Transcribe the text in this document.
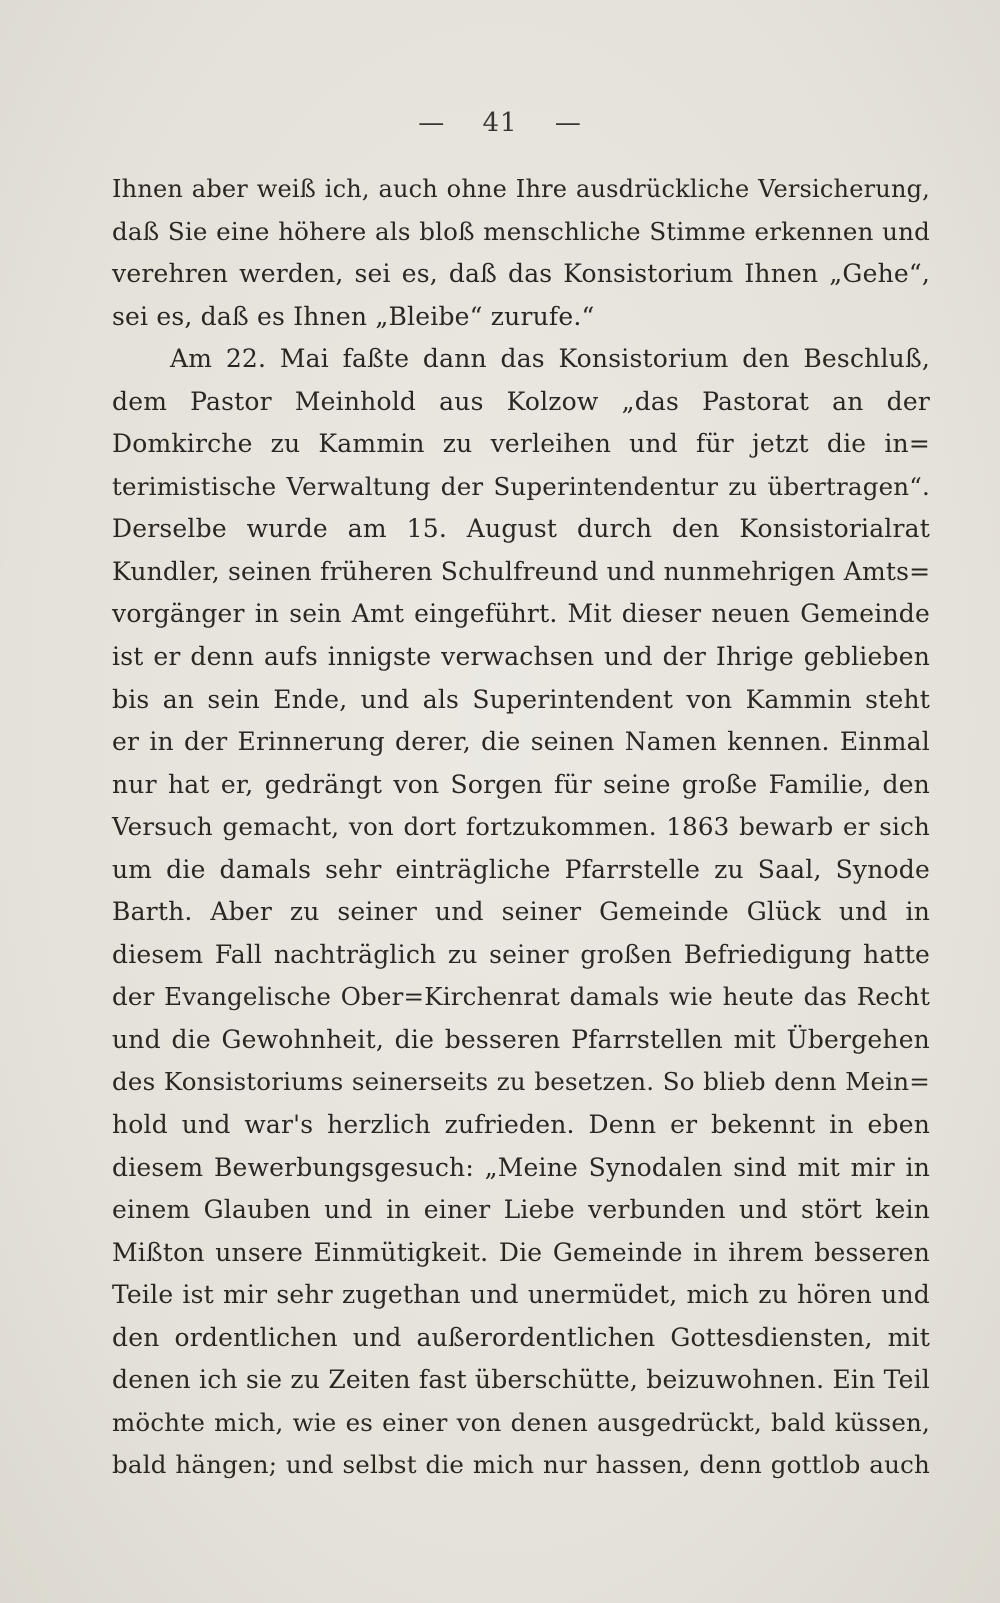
— 41 —
Ihnen aber weiß ich, auch ohne Ihre ausdrückliche Versicherung,
daß Sie eine höhere als bloß menschliche Stimme erkennen und
verehren werden, sei es, daß das Konsistorium Ihnen „Gehe“,
sei es, daß es Ihnen „Bleibe“ zurufe.“
Am 22. Mai faßte dann das Konsistorium den Beschluß,
dem Pastor Meinhold aus Kolzow „das Pastorat an der
Domkirche zu Kammin zu verleihen und für jetzt die in=
terimistische Verwaltung der Superintendentur zu übertragen“.
Derselbe wurde am 15. August durch den Konsistorialrat
Kundler, seinen früheren Schulfreund und nunmehrigen Amts=
vorgänger in sein Amt eingeführt. Mit dieser neuen Gemeinde
ist er denn aufs innigste verwachsen und der Ihrige geblieben
bis an sein Ende, und als Superintendent von Kammin steht
er in der Erinnerung derer, die seinen Namen kennen. Einmal
nur hat er, gedrängt von Sorgen für seine große Familie, den
Versuch gemacht, von dort fortzukommen. 1863 bewarb er sich
um die damals sehr einträgliche Pfarrstelle zu Saal, Synode
Barth. Aber zu seiner und seiner Gemeinde Glück und in
diesem Fall nachträglich zu seiner großen Befriedigung hatte
der Evangelische Ober=Kirchenrat damals wie heute das Recht
und die Gewohnheit, die besseren Pfarrstellen mit Übergehen
des Konsistoriums seinerseits zu besetzen. So blieb denn Mein=
hold und war's herzlich zufrieden. Denn er bekennt in eben
diesem Bewerbungsgesuch: „Meine Synodalen sind mit mir in
einem Glauben und in einer Liebe verbunden und stört kein
Mißton unsere Einmütigkeit. Die Gemeinde in ihrem besseren
Teile ist mir sehr zugethan und unermüdet, mich zu hören und
den ordentlichen und außerordentlichen Gottesdiensten, mit
denen ich sie zu Zeiten fast überschütte, beizuwohnen. Ein Teil
möchte mich, wie es einer von denen ausgedrückt, bald küssen,
bald hängen; und selbst die mich nur hassen, denn gottlob auch
